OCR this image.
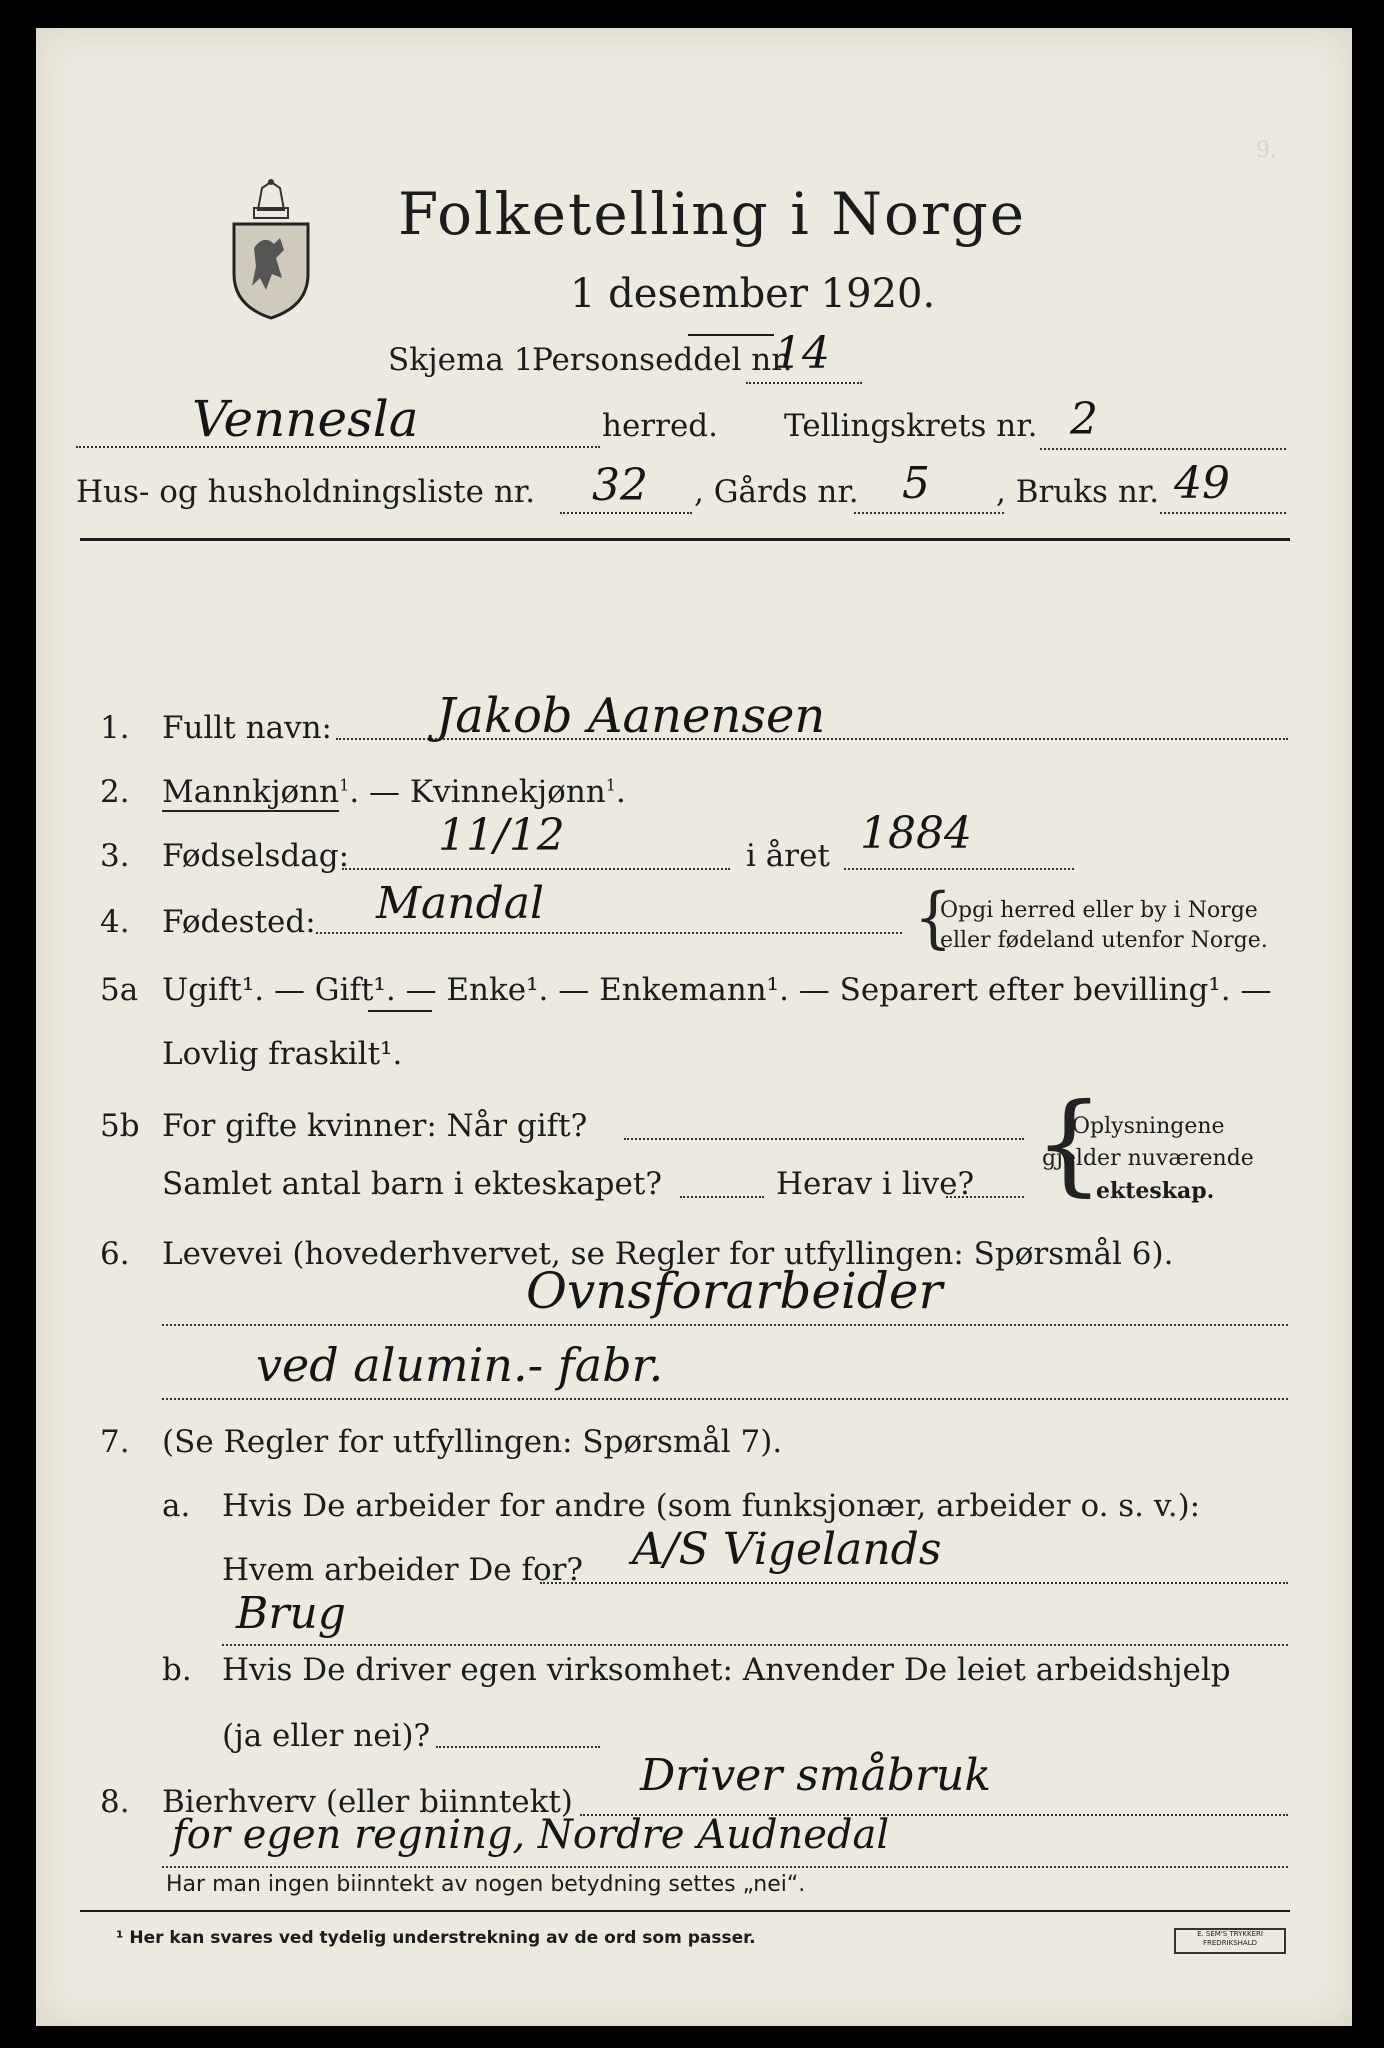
Folketelling i Norge
1 desember 1920.
9.
Skjema 1.
Personseddel nr.
14
Vennesla	herred. Tellingskrets nr. 2
Hus- og husholdningsliste nr. 32 , Gårds nr. 5 , Bruks nr. 49
1. Fullt navn: Jakob Aanensen
2. Mannkjønn$^1$. — Kvinnekjønn$^1$.
3. Fødselsdag: 11/12	i året 1884
4. Fødested: Mandal	{
Opgi herred eller by i Norge
eller fødeland utenfor Norge.
5a Ugift¹. — Gift¹. — Enke¹. — Enkemann¹. — Separert efter bevilling¹. —
Lovlig fraskilt¹.
5b For gifte kvinner: Når gift?
Samlet antal barn i ekteskapet?	Herav i live? {
Oplysningene
gjelder nuværende
ekteskap.
6. Levevei (hovederhvervet, se Regler for utfyllingen: Spørsmål 6).
Ovnsforarbeider
ved alumin.- fabr.
7. (Se Regler for utfyllingen: Spørsmål 7).
a. Hvis De arbeider for andre (som funksjonær, arbeider o. s. v.):
Hvem arbeider De for? A/S Vigelands
Brug
b. Hvis De driver egen virksomhet: Anvender De leiet arbeidshjelp
(ja eller nei)?
8. Bierhverv (eller biinntekt)
Driver småbruk
for egen regning, Nordre Audnedal
Har man ingen biinntekt av nogen betydning settes „nei“.
¹ Her kan svares ved tydelig understrekning av de ord som passer.	E. SEM'S TRYKKERI FREDRIKSHALD
